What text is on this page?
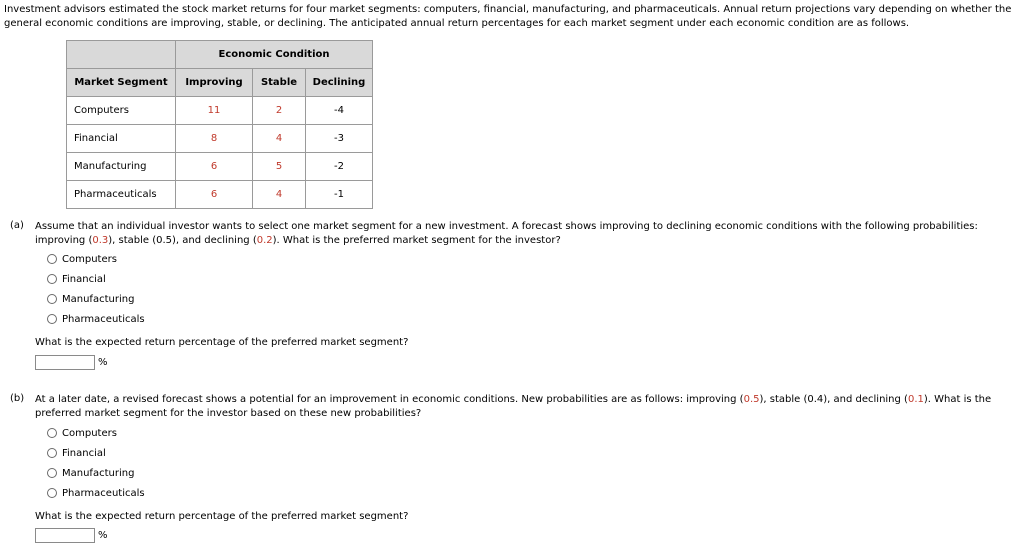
Investment advisors estimated the stock market returns for four market segments: computers, financial, manufacturing, and pharmaceuticals. Annual return projections vary depending on whether the general economic conditions are improving, stable, or declining. The anticipated annual return percentages for each market segment under each economic condition are as follows.
	Economic Condition		
Market Segment	Improving	Stable	Declining
Computers	11	2	-4
Financial	8	4	-3
Manufacturing	6	5	-2
Pharmaceuticals	6	4	-1
(a) Assume that an individual investor wants to select one market segment for a new investment. A forecast shows improving to declining economic conditions with the following probabilities: improving (0.3), stable (0.5), and declining (0.2). What is the preferred market segment for the investor?
Computers
Financial
Manufacturing
Pharmaceuticals
What is the expected return percentage of the preferred market segment?
%
(b) At a later date, a revised forecast shows a potential for an improvement in economic conditions. New probabilities are as follows: improving (0.5), stable (0.4), and declining (0.1). What is the preferred market segment for the investor based on these new probabilities?
Computers
Financial
Manufacturing
Pharmaceuticals
What is the expected return percentage of the preferred market segment?
%
